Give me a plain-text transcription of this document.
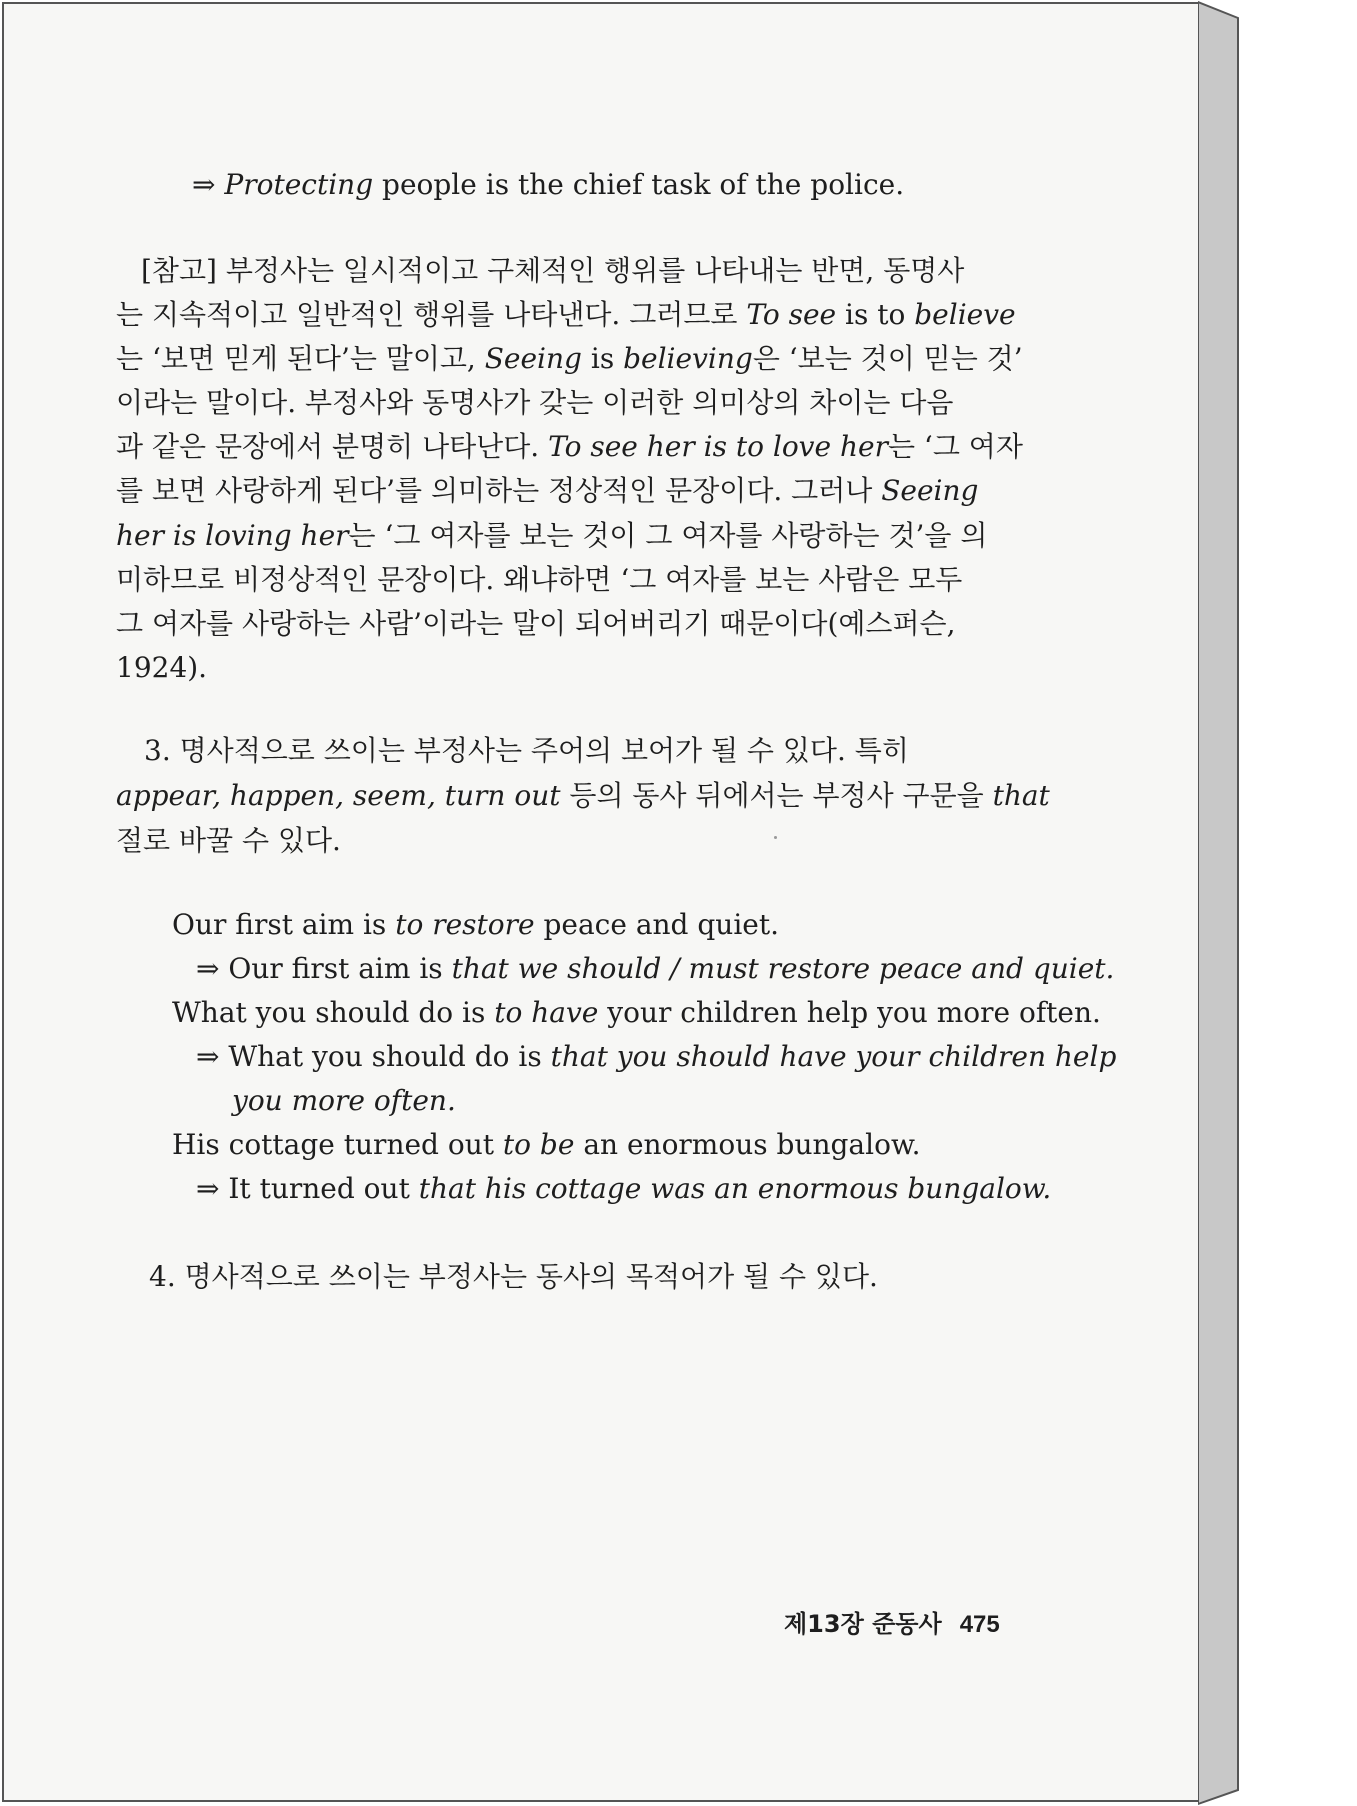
⇒ Protecting people is the chief task of the police.
[참고] 부정사는 일시적이고 구체적인 행위를 나타내는 반면, 동명사
는 지속적이고 일반적인 행위를 나타낸다. 그러므로 To see is to believe
는 ‘보면 믿게 된다’는 말이고, Seeing is believing은 ‘보는 것이 믿는 것’
이라는 말이다. 부정사와 동명사가 갖는 이러한 의미상의 차이는 다음
과 같은 문장에서 분명히 나타난다. To see her is to love her는 ‘그 여자
를 보면 사랑하게 된다’를 의미하는 정상적인 문장이다. 그러나 Seeing
her is loving her는 ‘그 여자를 보는 것이 그 여자를 사랑하는 것’을 의
미하므로 비정상적인 문장이다. 왜냐하면 ‘그 여자를 보는 사람은 모두
그 여자를 사랑하는 사람’이라는 말이 되어버리기 때문이다(예스퍼슨,
1924).
3. 명사적으로 쓰이는 부정사는 주어의 보어가 될 수 있다. 특히
appear, happen, seem, turn out 등의 동사 뒤에서는 부정사 구문을 that
절로 바꿀 수 있다.
Our first aim is to restore peace and quiet.
⇒ Our first aim is that we should / must restore peace and quiet.
What you should do is to have your children help you more often.
⇒ What you should do is that you should have your children help
you more often.
His cottage turned out to be an enormous bungalow.
⇒ It turned out that his cottage was an enormous bungalow.
4. 명사적으로 쓰이는 부정사는 동사의 목적어가 될 수 있다.
제13장 준동사 475
